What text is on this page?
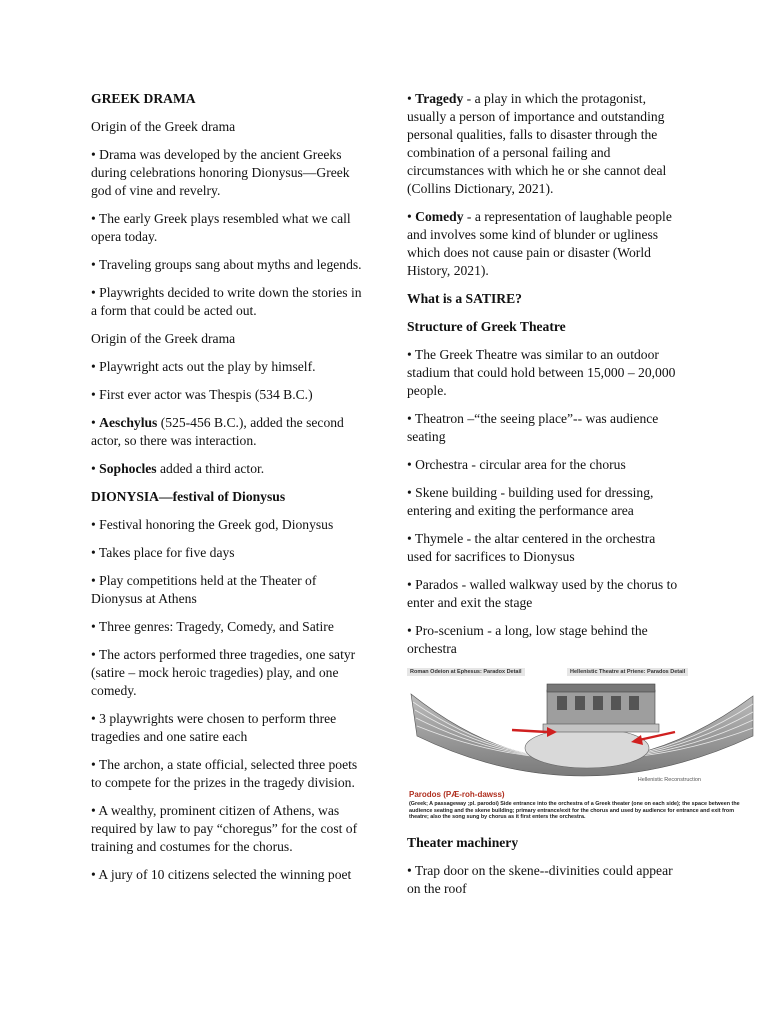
GREEK DRAMA

Origin of the Greek drama

• Drama was developed by the ancient Greeks during celebrations honoring Dionysus—Greek god of vine and revelry.

• The early Greek plays resembled what we call opera today.

• Traveling groups sang about myths and legends.

• Playwrights decided to write down the stories in a form that could be acted out.

Origin of the Greek drama

• Playwright acts out the play by himself.

• First ever actor was Thespis (534 B.C.)

• Aeschylus (525-456 B.C.), added the second actor, so there was interaction.

• Sophocles added a third actor.

DIONYSIA—festival of Dionysus

• Festival honoring the Greek god, Dionysus

• Takes place for five days

• Play competitions held at the Theater of Dionysus at Athens

• Three genres: Tragedy, Comedy, and Satire

• The actors performed three tragedies, one satyr (satire – mock heroic tragedies) play, and one comedy.

• 3 playwrights were chosen to perform three tragedies and one satire each

• The archon, a state official, selected three poets to compete for the prizes in the tragedy division.

• A wealthy, prominent citizen of Athens, was required by law to pay “choregus” for the cost of training and costumes for the chorus.

• A jury of 10 citizens selected the winning poet

• Tragedy - a play in which the protagonist, usually a person of importance and outstanding personal qualities, falls to disaster through the combination of a personal failing and circumstances with which he or she cannot deal (Collins Dictionary, 2021).

• Comedy - a representation of laughable people and involves some kind of blunder or ugliness which does not cause pain or disaster (World History, 2021).

What is a SATIRE?

Structure of Greek Theatre

• The Greek Theatre was similar to an outdoor stadium that could hold between 15,000 – 20,000 people.

• Theatron –“the seeing place”-- was audience seating

• Orchestra - circular area for the chorus

• Skene building - building used for dressing, entering and exiting the performance area

• Thymele - the altar centered in the orchestra used for sacrifices to Dionysus

• Parados - walled walkway used by the chorus to enter and exit the stage

• Pro-scenium - a long, low stage behind the orchestra

Roman Odeion at Ephesus: Paradox Detail	Hellenistic Theatre at Priene: Parados Detail
Hellenistic Reconstruction
Parodos (PÆ-roh-dawss)
(Greek; A passageway ;pl. parodoi) Side entrance into the orchestra of a Greek theater (one on each side); the space between the audience seating and the skene building; primary entrance/exit for the chorus and used by audience for entrance and exit from theatre; also the song sung by chorus as it first enters the orchestra.

Theater machinery

• Trap door on the skene--divinities could appear on the roof
